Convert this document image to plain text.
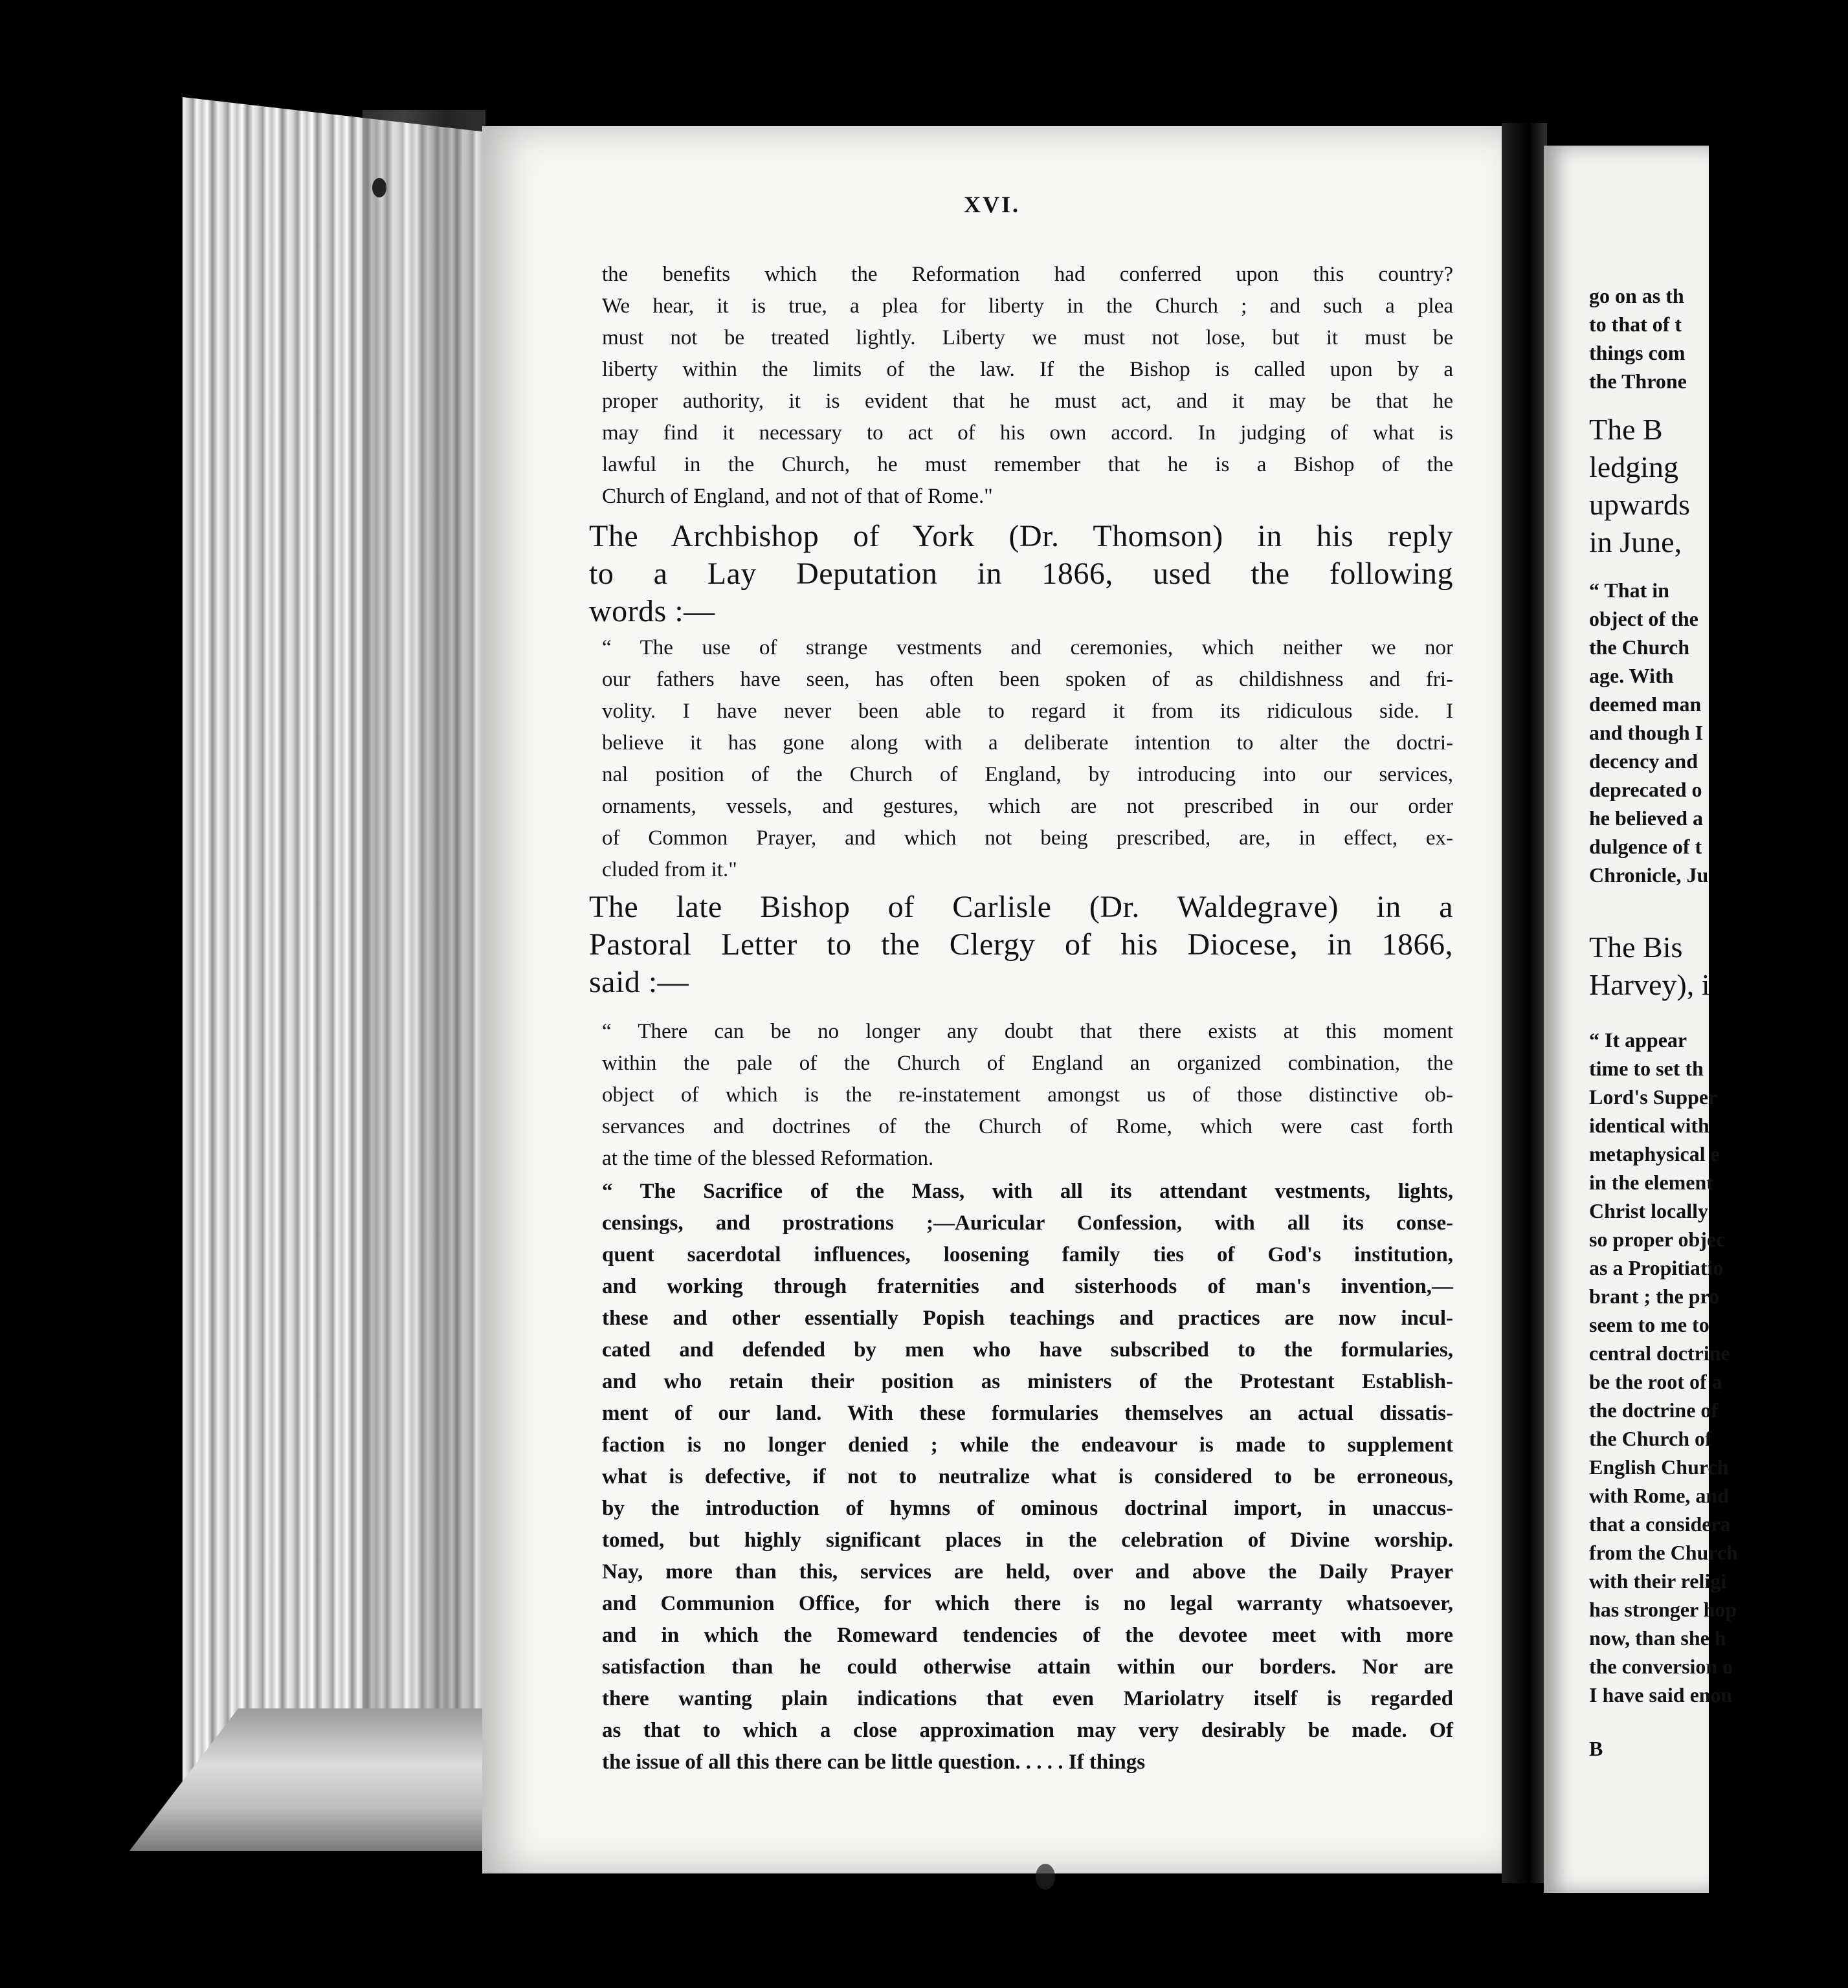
XVI.
the benefits which the Reformation had conferred upon this country?
We hear, it is true, a plea for liberty in the Church ; and such a plea
must not be treated lightly. Liberty we must not lose, but it must be
liberty within the limits of the law. If the Bishop is called upon by a
proper authority, it is evident that he must act, and it may be that he
may find it necessary to act of his own accord. In judging of what is
lawful in the Church, he must remember that he is a Bishop of the
Church of England, and not of that of Rome."
The Archbishop of York (Dr. Thomson) in his reply
to a Lay Deputation in 1866, used the following
words :—
“ The use of strange vestments and ceremonies, which neither we nor
our fathers have seen, has often been spoken of as childishness and fri-
volity. I have never been able to regard it from its ridiculous side. I
believe it has gone along with a deliberate intention to alter the doctri-
nal position of the Church of England, by introducing into our services,
ornaments, vessels, and gestures, which are not prescribed in our order
of Common Prayer, and which not being prescribed, are, in effect, ex-
cluded from it."
The late Bishop of Carlisle (Dr. Waldegrave) in a
Pastoral Letter to the Clergy of his Diocese, in 1866,
said :—
“ There can be no longer any doubt that there exists at this moment
within the pale of the Church of England an organized combination, the
object of which is the re-instatement amongst us of those distinctive ob-
servances and doctrines of the Church of Rome, which were cast forth
at the time of the blessed Reformation.
“ The Sacrifice of the Mass, with all its attendant vestments, lights,
censings, and prostrations ;—Auricular Confession, with all its conse-
quent sacerdotal influences, loosening family ties of God's institution,
and working through fraternities and sisterhoods of man's invention,—
these and other essentially Popish teachings and practices are now incul-
cated and defended by men who have subscribed to the formularies,
and who retain their position as ministers of the Protestant Establish-
ment of our land. With these formularies themselves an actual dissatis-
faction is no longer denied ; while the endeavour is made to supplement
what is defective, if not to neutralize what is considered to be erroneous,
by the introduction of hymns of ominous doctrinal import, in unaccus-
tomed, but highly significant places in the celebration of Divine worship.
Nay, more than this, services are held, over and above the Daily Prayer
and Communion Office, for which there is no legal warranty whatsoever,
and in which the Romeward tendencies of the devotee meet with more
satisfaction than he could otherwise attain within our borders. Nor are
there wanting plain indications that even Mariolatry itself is regarded
as that to which a close approximation may very desirably be made. Of
the issue of all this there can be little question. . . . . If things
go on as th
to that of t
things com
the Throne
The B
ledging
upwards
in June,
“ That in
object of the
the Church
age. With
deemed man
and though I
decency and
deprecated o
he believed a
dulgence of t
Chronicle, Ju
The Bis
Harvey), i
“ It appear
time to set th
Lord's Supper
identical with
metaphysical e
in the element
Christ locally
so proper objec
as a Propitiatio
brant ; the pro
seem to me to
central doctrine
be the root of a
the doctrine of
the Church of
English Church
with Rome, and
that a considera
from the Church
with their religi
has stronger hop
now, than she h
the conversion o
I have said enou
B
